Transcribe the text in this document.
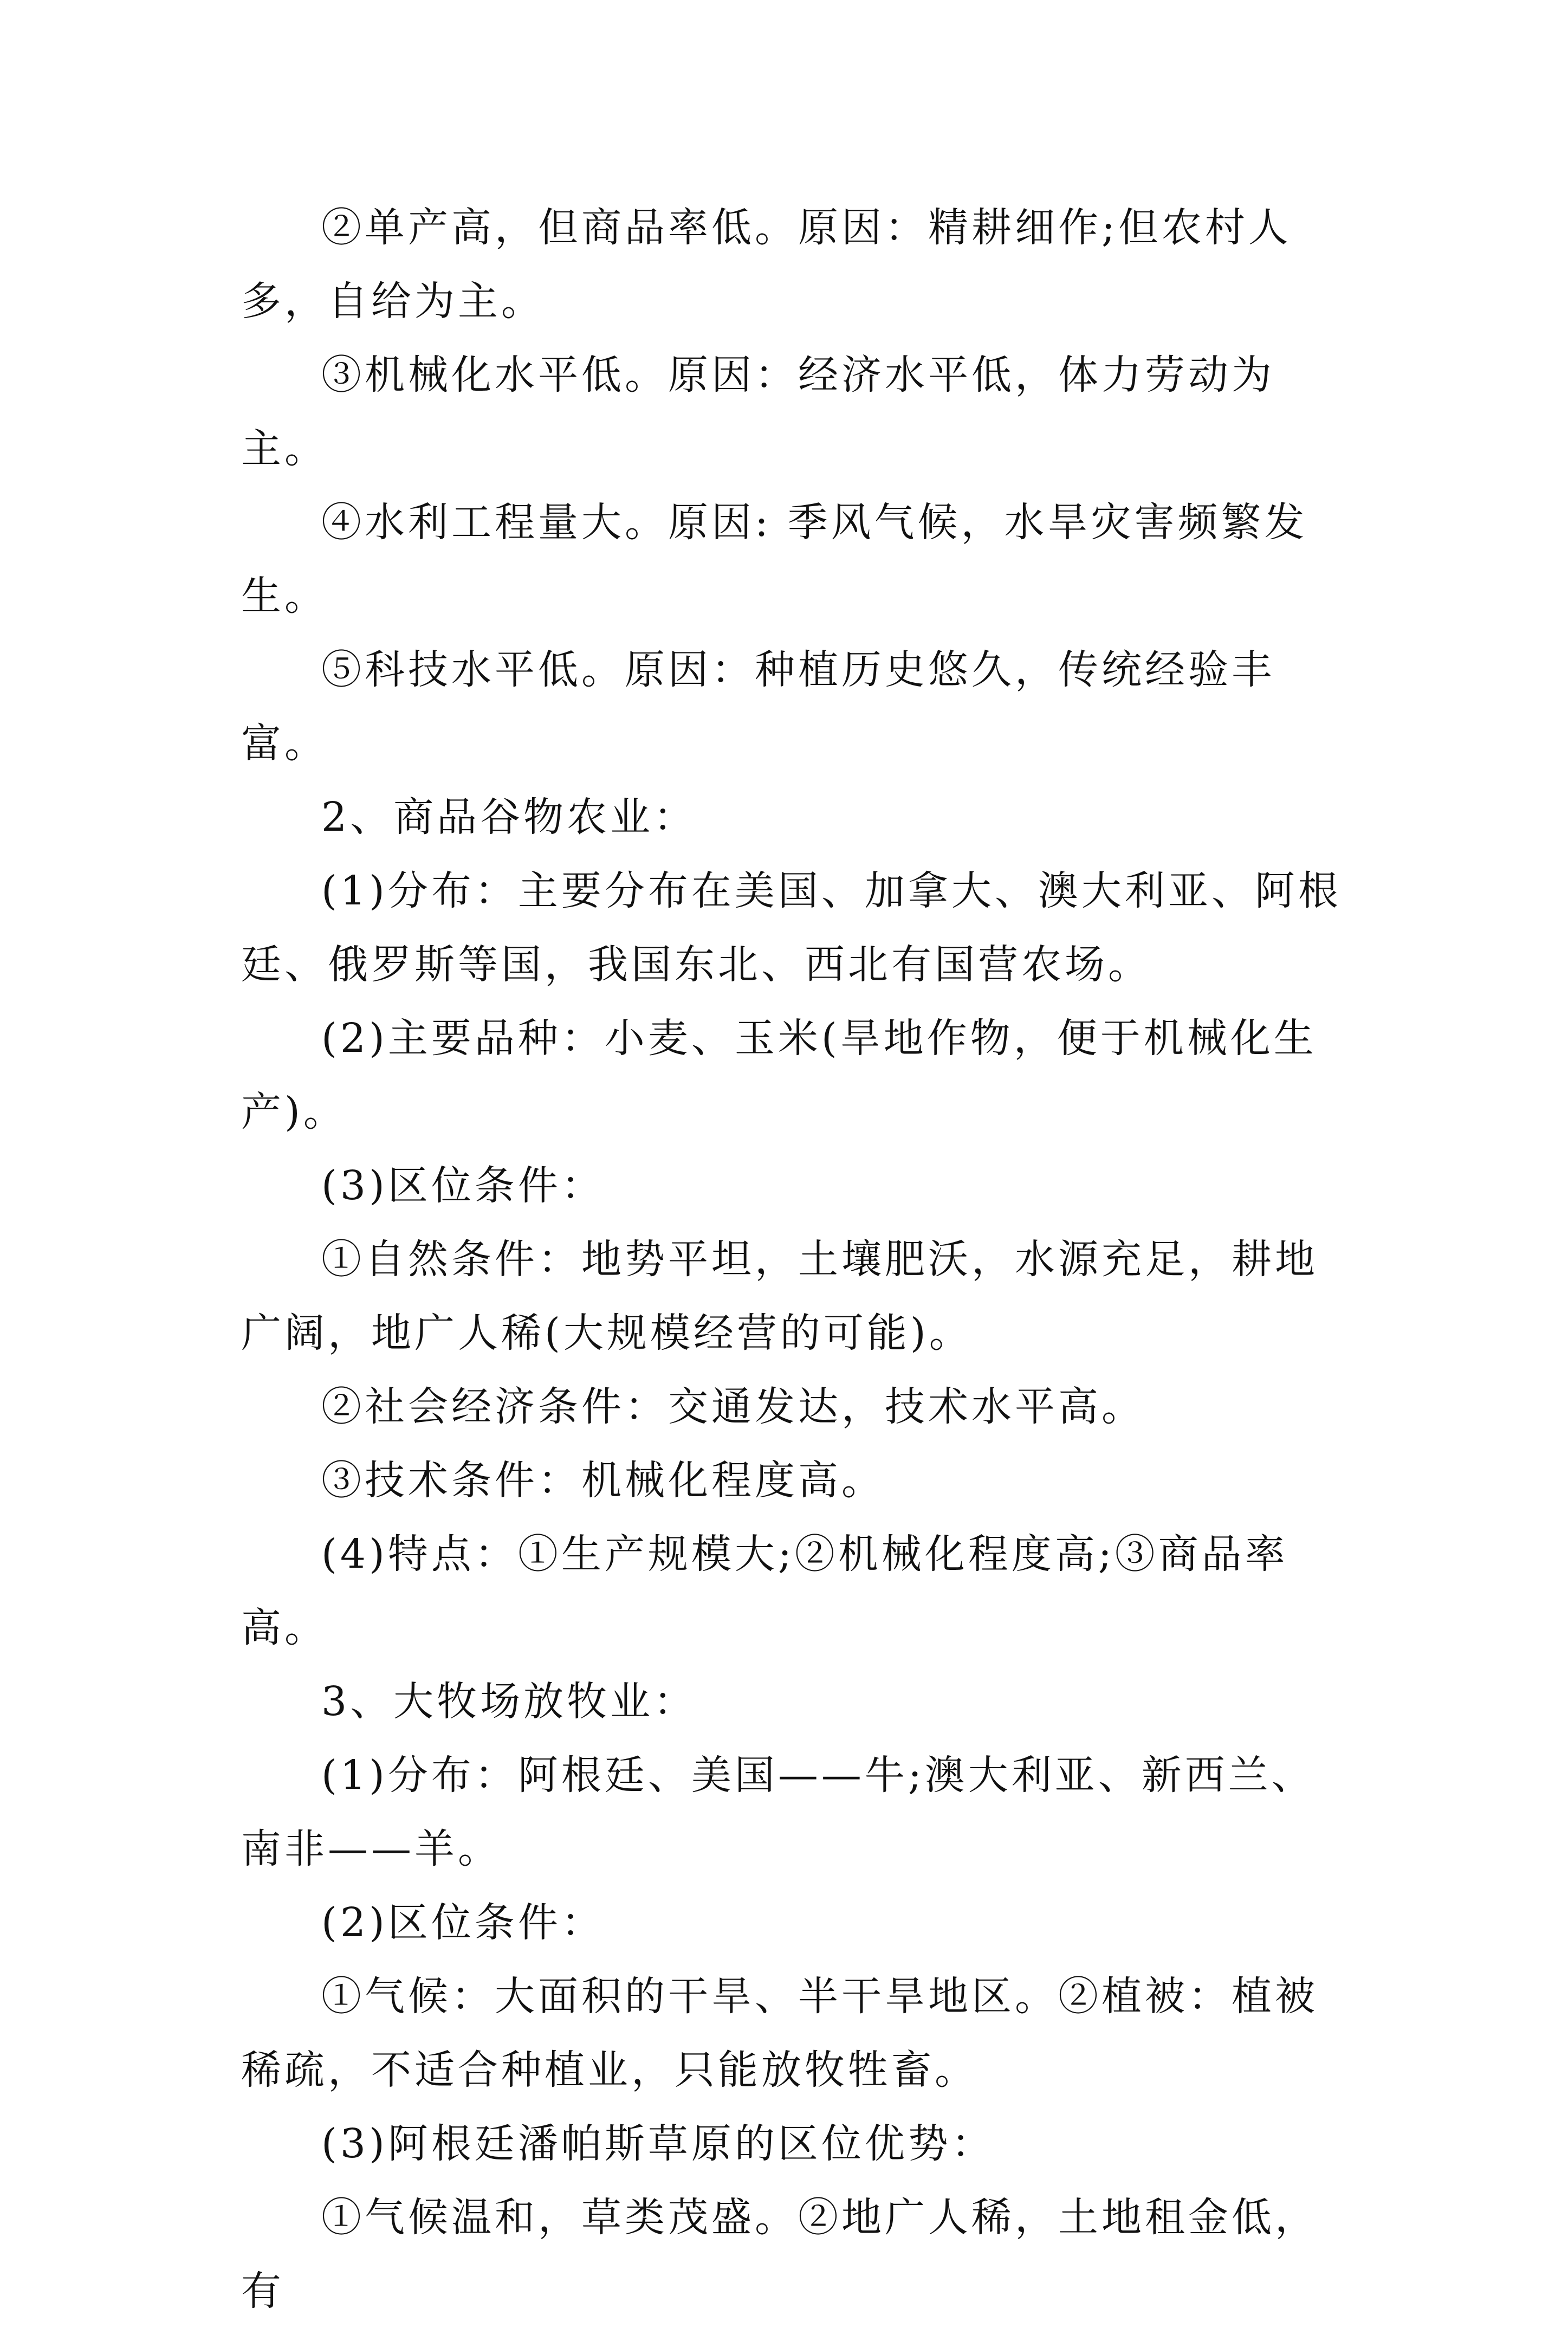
②单产高，但商品率低。原因：精耕细作;但农村人多，自给为主。

③机械化水平低。原因：经济水平低，体力劳动为主。

④水利工程量大。原因: 季风气候，水旱灾害频繁发生。

⑤科技水平低。原因：种植历史悠久，传统经验丰富。

2、商品谷物农业：

(1)分布：主要分布在美国、加拿大、澳大利亚、阿根廷、俄罗斯等国，我国东北、西北有国营农场。

(2)主要品种：小麦、玉米(旱地作物，便于机械化生产)。

(3)区位条件：

①自然条件：地势平坦，土壤肥沃，水源充足，耕地广阔，地广人稀(大规模经营的可能)。

②社会经济条件：交通发达，技术水平高。

③技术条件：机械化程度高。

(4)特点：①生产规模大;②机械化程度高;③商品率高。

3、大牧场放牧业：

(1)分布：阿根廷、美国——牛;澳大利亚、新西兰、南非——羊。

(2)区位条件：

①气候：大面积的干旱、半干旱地区。②植被：植被稀疏，不适合种植业，只能放牧牲畜。

(3)阿根廷潘帕斯草原的区位优势：

①气候温和，草类茂盛。②地广人稀，土地租金低，有
